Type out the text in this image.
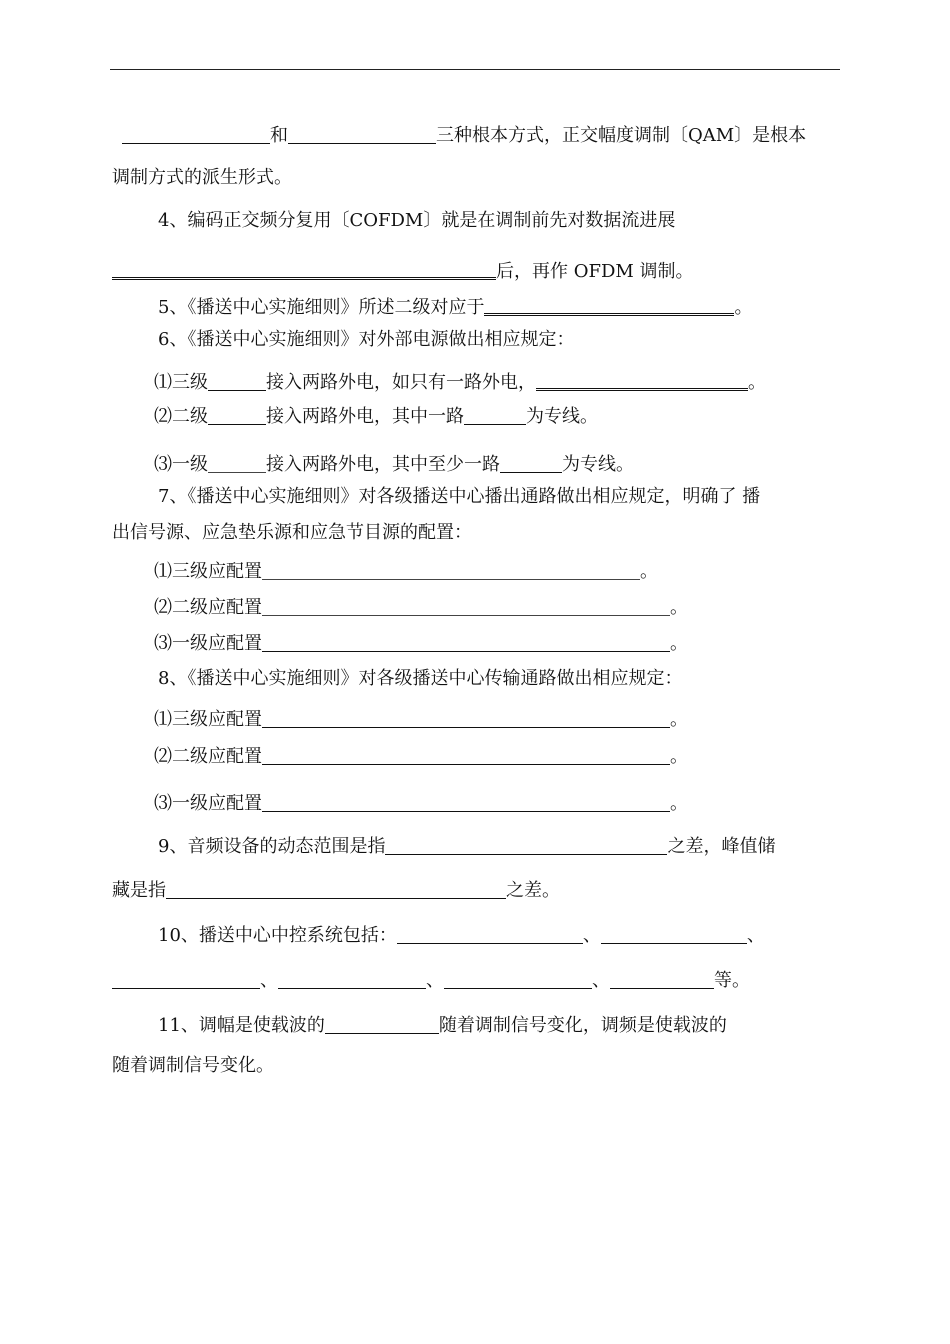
和	三种根本方式，正交幅度调制〔QAM〕是根本
调制方式的派生形式。
4、编码正交频分复用〔COFDM〕就是在调制前先对数据流进展
后，再作 OFDM 调制。
5、《播送中心实施细则》所述二级对应于	。
6、《播送中心实施细则》对外部电源做出相应规定：
⑴三级	接入两路外电，如只有一路外电，	。
⑵二级	接入两路外电，其中一路	为专线。
⑶一级	接入两路外电，其中至少一路	为专线。
7、《播送中心实施细则》对各级播送中心播出通路做出相应规定，明确了 播
出信号源、应急垫乐源和应急节目源的配置：
⑴三级应配置	。
⑵二级应配置	。
⑶一级应配置	。
8、《播送中心实施细则》对各级播送中心传输通路做出相应规定：
⑴三级应配置	。
⑵二级应配置	。
⑶一级应配置	。
9、音频设备的动态范围是指	之差，峰值储
藏是指	之差。
10、播送中心中控系统包括：	、	、
、	、	、	等。
11、调幅是使载波的	随着调制信号变化，调频是使载波的
随着调制信号变化。
